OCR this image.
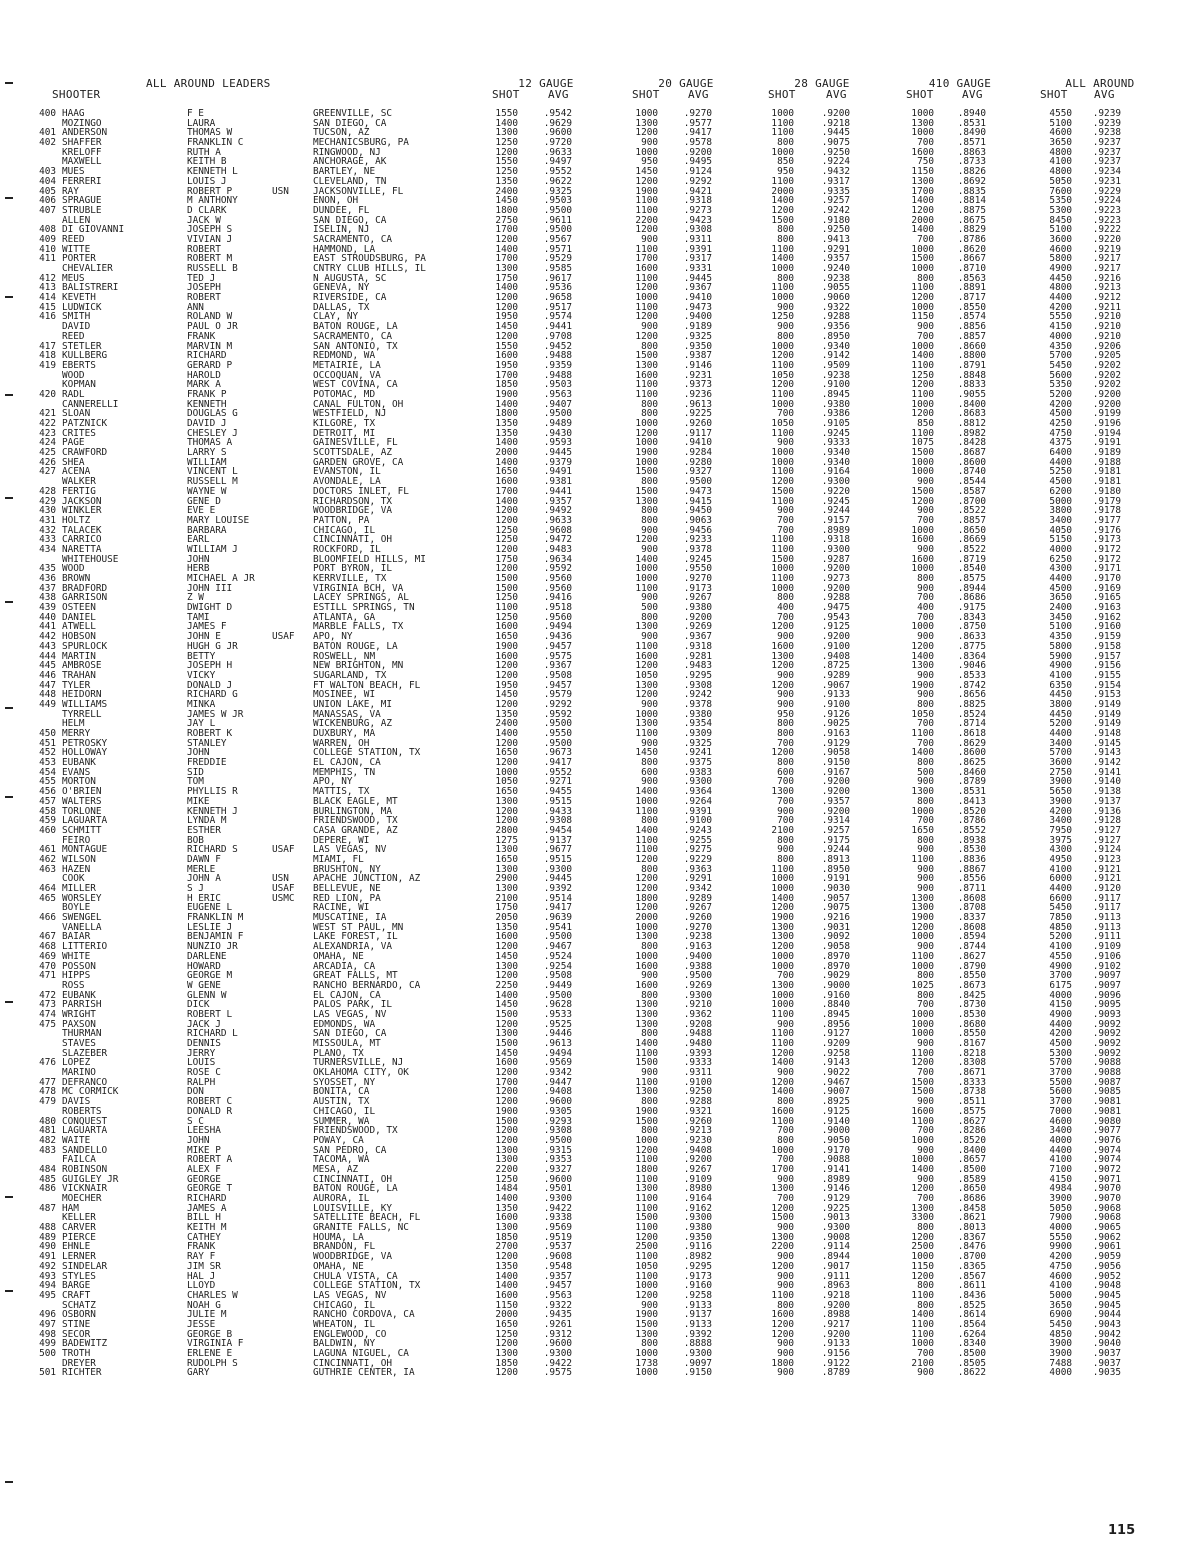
SHOOTER
ALL AROUND LEADERS	12 GAUGE
SHOT	AVG
20 GAUGE
SHOT	AVG
28 GAUGE
SHOT	AVG
410 GAUGE
SHOT	AVG
ALL AROUND
SHOT AVG
400 HAAG	F E	GREENVILLE, SC	1550	.9542	1000	.9270	1000	.9200	1000	.8940	4550	.9239
MOZINGO	LAURA	SAN DIEGO, CA	1400	.9629	1300	.9577	1100	.9218	1300	.8531	5100	.9239
401 ANDERSON	THOMAS W	TUCSON, AZ	1300	.9600	1200	.9417	1100	.9445	1000	.8490	4600	.9238
402 SHAFFER	FRANKLIN C	MECHANICSBURG, PA	1250	.9720	900	.9578	800	.9075	700	.8571	3650	.9237
KRELOFF	RUTH A	RINGWOOD, NJ	1200	.9633	1000	.9200	1000	.9250	1600	.8863	4800	.9237
MAXWELL	KEITH B	ANCHORAGE, AK	1550	.9497	950	.9495	850	.9224	750	.8733	4100	.9237
403 MUES	KENNETH L	BARTLEY, NE	1250	.9552	1450	.9124	950	.9432	1150	.8826	4800	.9234
404 FERRERI	LOUIS J	CLEVELAND, TN	1350	.9622	1200	.9292	1100	.9317	1300	.8692	5050	.9231
405 RAY	ROBERT P	USN	JACKSONVILLE, FL	2400	.9325	1900	.9421	2000	.9335	1700	.8835	7600	.9229
406 SPRAGUE	M ANTHONY	ENON, OH	1450	.9503	1100	.9318	1400	.9257	1400	.8814	5350	.9224
407 STRUBLE	D CLARK	DUNDEE, FL	1800	.9500	1100	.9273	1200	.9242	1200	.8875	5300	.9223
ALLEN	JACK W	SAN DIEGO, CA	2750	.9611	2200	.9423	1500	.9180	2000	.8675	8450	.9223
408 DI GIOVANNI	JOSEPH S	ISELIN, NJ	1700	.9500	1200	.9308	800	.9250	1400	.8829	5100	.9222
409 REED	VIVIAN J	SACRAMENTO, CA	1200	.9567	900	.9311	800	.9413	700	.8786	3600	.9220
410 WITTE	ROBERT	HAMMOND, LA	1400	.9571	1100	.9391	1100	.9291	1000	.8620	4600	.9219
411 PORTER	ROBERT M	EAST STROUDSBURG, PA	1700	.9529	1700	.9317	1400	.9357	1500	.8667	5800	.9217
CHEVALIER	RUSSELL B	CNTRY CLUB HILLS, IL	1300	.9585	1600	.9331	1000	.9240	1000	.8710	4900	.9217
412 MEUS	TED J	N AUGUSTA, SC	1750	.9617	1100	.9445	800	.9238	800	.8563	4450	.9216
413 BALISTRERI	JOSEPH	GENEVA, NY	1400	.9536	1200	.9367	1100	.9055	1100	.8891	4800	.9213
414 KEVETH	ROBERT	RIVERSIDE, CA	1200	.9658	1000	.9410	1000	.9060	1200	.8717	4400	.9212
415 LUDWICK	ANN	DALLAS, TX	1200	.9517	1100	.9473	900	.9322	1000	.8550	4200	.9211
416 SMITH	ROLAND W	CLAY, NY	1950	.9574	1200	.9400	1250	.9288	1150	.8574	5550	.9210
DAVID	PAUL O JR	BATON ROUGE, LA	1450	.9441	900	.9189	900	.9356	900	.8856	4150	.9210
REED	FRANK	SACRAMENTO, CA	1200	.9708	1200	.9325	800	.8950	700	.8857	4000	.9210
417 STETLER	MARVIN M	SAN ANTONIO, TX	1550	.9452	800	.9350	1000	.9340	1000	.8660	4350	.9206
418 KULLBERG	RICHARD	REDMOND, WA	1600	.9488	1500	.9387	1200	.9142	1400	.8800	5700	.9205
419 EBERTS	GERARD P	METAIRIE, LA	1950	.9359	1300	.9146	1100	.9509	1100	.8791	5450	.9202
WOOD	HAROLD	OCCOQUAN, VA	1700	.9488	1600	.9231	1050	.9238	1250	.8848	5600	.9202
KOPMAN	MARK A	WEST COVINA, CA	1850	.9503	1100	.9373	1200	.9100	1200	.8833	5350	.9202
420 RADL	FRANK P	POTOMAC, MD	1900	.9563	1100	.9236	1100	.8945	1100	.9055	5200	.9200
CANNERELLI	KENNETH	CANAL FULTON, OH	1400	.9407	800	.9613	1000	.9380	1000	.8400	4200	.9200
421 SLOAN	DOUGLAS G	WESTFIELD, NJ	1800	.9500	800	.9225	700	.9386	1200	.8683	4500	.9199
422 PATZNICK	DAVID J	KILGORE, TX	1350	.9489	1000	.9260	1050	.9105	850	.8812	4250	.9196
423 CRITES	CHESLEY J	DETROIT, MI	1350	.9430	1200	.9117	1100	.9245	1100	.8982	4750	.9194
424 PAGE	THOMAS A	GAINESVILLE, FL	1400	.9593	1000	.9410	900	.9333	1075	.8428	4375	.9191
425 CRAWFORD	LARRY S	SCOTTSDALE, AZ	2000	.9445	1900	.9284	1000	.9340	1500	.8687	6400	.9189
426 SHEA	WILLIAM	GARDEN GROVE, CA	1400	.9379	1000	.9280	1000	.9340	1000	.8600	4400	.9188
427 ACENA	VINCENT L	EVANSTON, IL	1650	.9491	1500	.9327	1100	.9164	1000	.8740	5250	.9181
WALKER	RUSSELL M	AVONDALE, LA	1600	.9381	800	.9500	1200	.9300	900	.8544	4500	.9181
428 FERTIG	WAYNE W	DOCTORS INLET, FL	1700	.9441	1500	.9473	1500	.9220	1500	.8587	6200	.9180
429 JACKSON	GENE D	RICHARDSON, TX	1400	.9357	1300	.9415	1100	.9245	1200	.8700	5000	.9179
430 WINKLER	EVE E	WOODBRIDGE, VA	1200	.9492	800	.9450	900	.9244	900	.8522	3800	.9178
431 HOLTZ	MARY LOUISE	PATTON, PA	1200	.9633	800	.9063	700	.9157	700	.8857	3400	.9177
432 TALACEK	BARBARA	CHICAGO, IL	1250	.9608	900	.9456	700	.8989	1000	.8650	4050	.9176
433 CARRICO	EARL	CINCINNATI, OH	1250	.9472	1200	.9233	1100	.9318	1600	.8669	5150	.9173
434 NARETTA	WILLIAM J	ROCKFORD, IL	1200	.9483	900	.9378	1100	.9300	900	.8522	4000	.9172
WHITEHOUSE	JOHN	BLOOMFIELD HILLS, MI	1750	.9634	1400	.9245	1500	.9287	1600	.8719	6250	.9172
435 WOOD	HERB	PORT BYRON, IL	1200	.9592	1000	.9550	1000	.9200	1000	.8540	4300	.9171
436 BROWN	MICHAEL A JR	KERRVILLE, TX	1500	.9560	1000	.9270	1100	.9273	800	.8575	4400	.9170
437 BRADFORD	JOHN III	VIRGINIA BCH, VA	1500	.9560	1100	.9173	1000	.9200	900	.8944	4500	.9169
438 GARRISON	Z W	LACEY SPRINGS, AL	1250	.9416	900	.9267	800	.9288	700	.8686	3650	.9165
439 OSTEEN	DWIGHT D	ESTILL SPRINGS, TN	1100	.9518	500	.9380	400	.9475	400	.9175	2400	.9163
440 DANIEL	TAMI	ATLANTA, GA	1250	.9560	800	.9200	700	.9543	700	.8343	3450	.9162
441 ATWELL	JAMES F	MARBLE FALLS, TX	1600	.9494	1300	.9269	1200	.9125	1000	.8750	5100	.9160
442 HOBSON	JOHN E	USAF APO, NY	1650	.9436	900	.9367	900	.9200	900	.8633	4350	.9159
443 SPURLOCK	HUGH G JR	BATON ROUGE, LA	1900	.9457	1100	.9318	1600	.9100	1200	.8775	5800	.9158
444 MARTIN	BETTY	ROSWELL, NM	1600	.9575	1600	.9281	1300	.9408	1400	.8364	5900	.9157
445 AMBROSE	JOSEPH H	NEW BRIGHTON, MN	1200	.9367	1200	.9483	1200	.8725	1300	.9046	4900	.9156
446 TRAHAN	VICKY	SUGARLAND, TX	1200	.9508	1050	.9295	900	.9289	900	.8533	4100	.9155
447 TYLER	DONALD J	FT WALTON BEACH, FL	1950	.9457	1300	.9308	1200	.9067	1900	.8742	6350	.9154
448 HEIDORN	RICHARD G	MOSINEE, WI	1450	.9579	1200	.9242	900	.9133	900	.8656	4450	.9153
449 WILLIAMS	MINKA	UNION LAKE, MI	1200	.9292	900	.9378	900	.9100	800	.8825	3800	.9149
TYRRELL	JAMES W JR	MANASSAS, VA	1350	.9592	1000	.9380	950	.9126	1050	.8524	4450	.9149
HELM	JAY L	WICKENBURG, AZ	2400	.9500	1300	.9354	800	.9025	700	.8714	5200	.9149
450 MERRY	ROBERT K	DUXBURY, MA	1400	.9550	1100	.9309	800	.9163	1100	.8618	4400	.9148
451 PETROSKY	STANLEY	WARREN, OH	1200	.9500	900	.9325	700	.9129	700	.8629	3400	.9145
452 HOLLOWAY	JOHN	COLLEGE STATION, TX	1650	.9673	1450	.9241	1200	.9058	1400	.8600	5700	.9143
453 EUBANK	FREDDIE	EL CAJON, CA	1200	.9417	800	.9375	800	.9150	800	.8625	3600	.9142
454 EVANS	SID	MEMPHIS, TN	1000	.9552	600	.9383	600	.9167	500	.8460	2750	.9141
455 MORTON	TOM	APO, NY	1050	.9271	900	.9300	700	.9200	900	.8789	3900	.9140
456 O'BRIEN	PHYLLIS R	MATTIS, TX	1650	.9455	1400	.9364	1300	.9200	1300	.8531	5650	.9138
457 WALTERS	MIKE	BLACK EAGLE, MT	1300	.9515	1000	.9264	700	.9357	800	.8413	3900	.9137
458 TORLONE	KENNETH J	BURLINGTON, MA	1200	.9433	1100	.9391	900	.9200	1000	.8520	4200	.9136
459 LAGUARTA	LYNDA M	FRIENDSWOOD, TX	1200	.9308	800	.9100	700	.9314	700	.8786	3400	.9128
460 SCHMITT	ESTHER	CASA GRANDE, AZ	2800	.9454	1400	.9243	2100	.9257	1650	.8552	7950	.9127
FEIRO	BOB	DEPERE, WI	1275	.9137	1100	.9255	800	.9175	800	.8938	3975	.9127
461 MONTAGUE	RICHARD S	USAF LAS VEGAS, NV	1300	.9677	1100	.9275	900	.9244	900	.8530	4300	.9124
462 WILSON	DAWN F	MIAMI, FL	1650	.9515	1200	.9229	800	.8913	1100	.8836	4950	.9123
463 HAZEN	MERLE	BRUSHTON, NY	1300	.9300	800	.9363	1100	.8950	900	.8867	4100	.9121
COOK	JOHN A	USN	APACHE JUNCTION, AZ	2900	.9445	1200	.9291	1000	.9191	900	.8556	6000	.9121
464 MILLER	S J	USAF BELLEVUE, NE	1300	.9392	1200	.9342	1000	.9030	900	.8711	4400	.9120
465 WORSLEY	H ERIC	USMC RED LION, PA	2100	.9514	1800	.9289	1400	.9057	1300	.8608	6600	.9117
BOYLE	EUGENE L	RACINE, WI	1750	.9417	1200	.9267	1200	.9075	1300	.8708	5450	.9117
466 SWENGEL	FRANKLIN M	MUSCATINE, IA	2050	.9639	2000	.9260	1900	.9216	1900	.8337	7850	.9113
VANELLA	LESLIE J	WEST ST PAUL, MN	1350	.9541	1000	.9270	1300	.9031	1200	.8608	4850	.9113
467 BAIAR	BENJAMIN F	LAKE FOREST, IL	1600	.9500	1300	.9238	1300	.9092	1000	.8594	5200	.9111
468 LITTERIO	NUNZIO JR	ALEXANDRIA, VA	1200	.9467	800	.9163	1200	.9058	900	.8744	4100	.9109
469 WHITE	DARLENE	OMAHA, NE	1450	.9524	1000	.9400	1000	.8970	1100	.8627	4550	.9106
470 POSSON	HOWARD	ARCADIA, CA	1300	.9254	1600	.9388	1000	.8970	1000	.8790	4900	.9102
471 HIPPS	GEORGE M	GREAT FALLS, MT	1200	.9508	900	.9500	700	.9029	800	.8550	3700	.9097
ROSS	W GENE	RANCHO BERNARDO, CA	2250	.9449	1600	.9269	1300	.9000	1025	.8673	6175	.9097
472 EUBANK	GLENN W	EL CAJON, CA	1400	.9500	800	.9300	1000	.9160	800	.8425	4000	.9096
473 PARRISH	DICK	PALOS PARK, IL	1450	.9628	1300	.9210	1000	.8840	700	.8730	4150	.9095
474 WRIGHT	ROBERT L	LAS VEGAS, NV	1500	.9533	1300	.9362	1100	.8945	1000	.8530	4900	.9093
475 PAXSON	JACK J	EDMONDS, WA	1200	.9525	1300	.9208	900	.8956	1000	.8680	4400	.9092
THURMAN	RICHARD L	SAN DIEGO, CA	1300	.9446	800	.9488	1100	.9127	1000	.8550	4200	.9092
STAVES	DENNIS	MISSOULA, MT	1500	.9613	1400	.9480	1100	.9209	900	.8167	4500	.9092
SLAZEBER	JERRY	PLANO, TX	1450	.9494	1100	.9393	1200	.9258	1100	.8218	5300	.9092
476 LOPEZ	LOUIS	TURNERSVILLE, NJ	1600	.9569	1500	.9333	1400	.9143	1200	.8308	5700	.9088
MARINO	ROSE C	OKLAHOMA CITY, OK	1200	.9342	900	.9311	900	.9022	700	.8671	3700	.9088
477 DEFRANCO	RALPH	SYOSSET, NY	1700	.9447	1100	.9100	1200	.9467	1500	.8333	5500	.9087
478 MC CORMICK	DON	BONITA, CA	1200	.9408	1300	.9250	1400	.9007	1500	.8738	5600	.9085
479 DAVIS	ROBERT C	AUSTIN, TX	1200	.9600	800	.9288	800	.8925	900	.8511	3700	.9081
ROBERTS	DONALD R	CHICAGO, IL	1900	.9305	1900	.9321	1600	.9125	1600	.8575	7000	.9081
480 CONQUEST	S C	SUMMER, WA	1500	.9293	1500	.9260	1100	.9140	1100	.8627	4600	.9080
481 LAGUARTA	LEESHA	FRIENDSWOOD, TX	1200	.9308	800	.9213	700	.9000	700	.8286	3400	.9077
482 WAITE	JOHN	POWAY, CA	1200	.9500	1000	.9230	800	.9050	1000	.8520	4000	.9076
483 SANDELLO	MIKE P	SAN PEDRO, CA	1300	.9315	1200	.9408	1000	.9170	900	.8400	4400	.9074
FAILCA	ROBERT A	TACOMA, WA	1300	.9353	1100	.9200	700	.9088	1000	.8657	4100	.9074
484 ROBINSON	ALEX F	MESA, AZ	2200	.9327	1800	.9267	1700	.9141	1400	.8500	7100	.9072
485 GUIGLEY JR	GEORGE	CINCINNATI, OH	1250	.9600	1100	.9109	900	.8989	900	.8589	4150	.9071
486 VICKNAIR	GEORGE T	BATON ROUGE, LA	1484	.9501	1300	.8980	1300	.9146	1200	.8650	4984	.9070
MOECHER	RICHARD	AURORA, IL	1400	.9300	1100	.9164	700	.9129	700	.8686	3900	.9070
487 HAM	JAMES A	LOUISVILLE, KY	1350	.9422	1100	.9162	1200	.9225	1300	.8458	5050	.9068
KELLER	BILL H	SATELLITE BEACH, FL	1600	.9338	1500	.9300	1500	.9013	3300	.8621	7900	.9068
488 CARVER	KEITH M	GRANITE FALLS, NC	1300	.9569	1100	.9380	900	.9300	800	.8013	4000	.9065
489 PIERCE	CATHEY	HOUMA, LA	1850	.9519	1200	.9350	1300	.9008	1200	.8367	5550	.9062
490 EHNLE	FRANK	BRANDON, FL	2700	.9537	2500	.9116	2200	.9114	2500	.8476	9900	.9061
491 LERNER	RAY F	WOODBRIDGE, VA	1200	.9608	1100	.8982	900	.8944	1000	.8700	4200	.9059
492 SINDELAR	JIM SR	OMAHA, NE	1350	.9548	1050	.9295	1200	.9017	1150	.8365	4750	.9056
493 STYLES	HAL J	CHULA VISTA, CA	1400	.9357	1100	.9173	900	.9111	1200	.8567	4600	.9052
494 BARGE	LLOYD	COLLEGE STATION, TX	1400	.9457	1000	.9160	900	.8963	800	.8611	4100	.9048
495 CRAFT	CHARLES W	LAS VEGAS, NV	1600	.9563	1200	.9258	1100	.9218	1100	.8436	5000	.9045
SCHATZ	NOAH G	CHICAGO, IL	1150	.9322	900	.9133	800	.9200	800	.8525	3650	.9045
496 OSBORN	JULIE M	RANCHO CORDOVA, CA	2000	.9435	1900	.9137	1600	.8988	1400	.8614	6900	.9044
497 STINE	JESSE	WHEATON, IL	1650	.9261	1500	.9133	1200	.9217	1100	.8564	5450	.9043
498 SECOR	GEORGE B	ENGLEWOOD, CO	1250	.9312	1300	.9392	1200	.9200	1100	.6264	4850	.9042
499 BADEWITZ	VIRGINIA F	BALDWIN, NY	1200	.9600	800	.8888	900	.9133	1000	.8340	3900	.9040
500 TROTH	ERLENE E	LAGUNA NIGUEL, CA	1300	.9300	1000	.9300	900	.9156	700	.8500	3900	.9037
DREYER	RUDOLPH S	CINCINNATI, OH	1850	.9422	1738	.9097	1800	.9122	2100	.8505	7488	.9037
501 RICHTER	GARY	GUTHRIE CENTER, IA	1200	.9575	1000	.9150	900	.8789	900	.8622	4000	.9035
115
